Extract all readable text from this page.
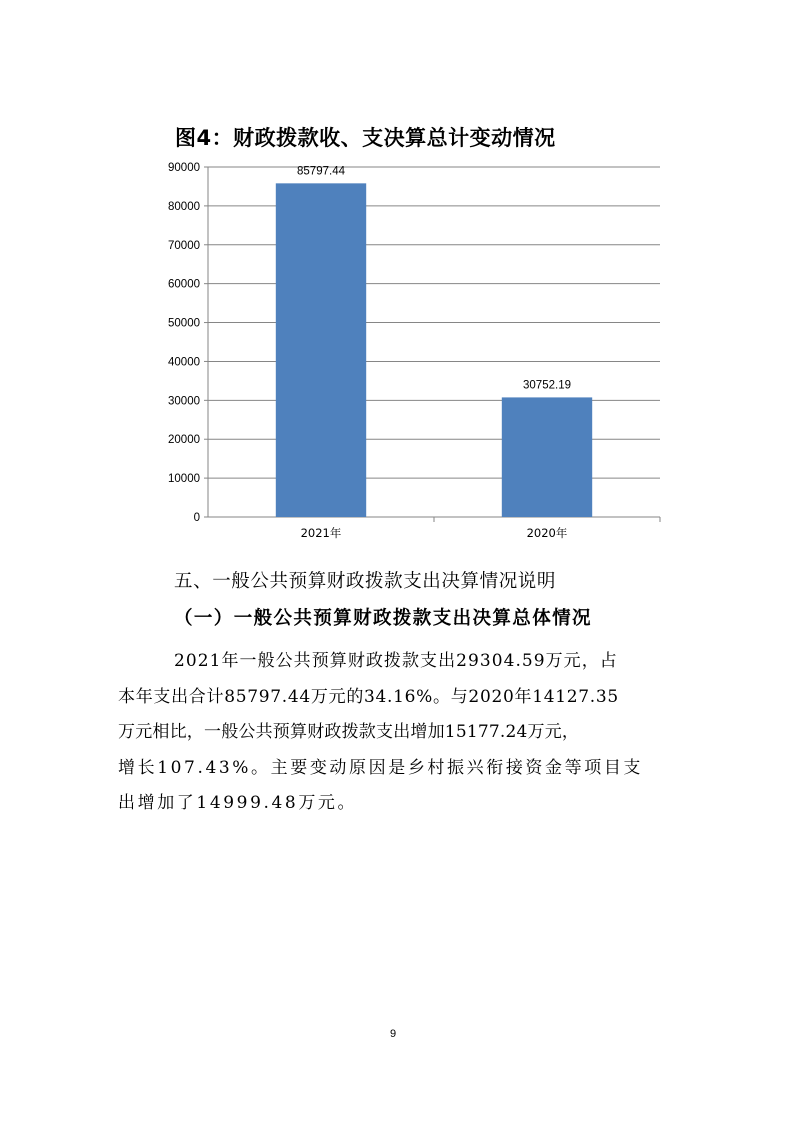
图4：财政拨款收、支决算总计变动情况
0
10000
20000
30000
40000
50000
60000
70000
80000
90000	85797.44
2021年
30752.19
2020年
五、一般公共预算财政拨款支出决算情况说明
（一）一般公共预算财政拨款支出决算总体情况

2021年一般公共预算财政拨款支出29304.59万元，占
本年支出合计85797.44万元的34.16%。与2020年14127.35
万元相比，一般公共预算财政拨款支出增加15177.24万元，
增长107.43%。主要变动原因是乡村振兴衔接资金等项目支
出增加了14999.48万元。

9
